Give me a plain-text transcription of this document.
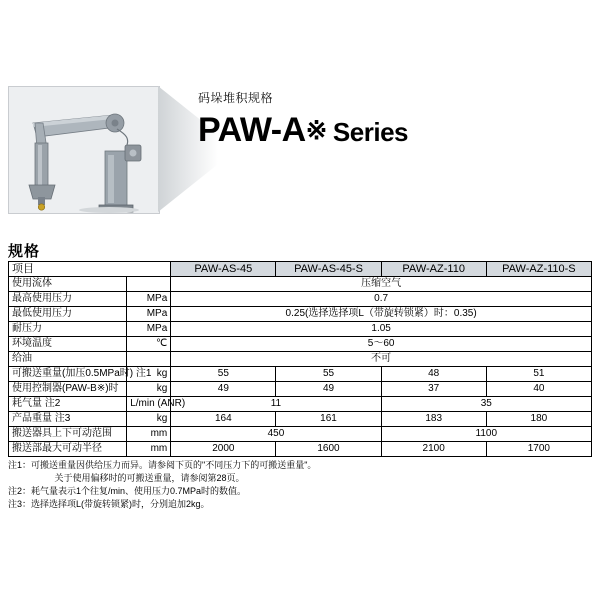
码垛堆积规格
PAW-A※ Series
规格
项目		PAW-AS-45	PAW-AS-45-S	PAW-AZ-110	PAW-AZ-110-S
使用流体		压缩空气			
最高使用压力	MPa	0.7			
最低使用压力	MPa	0.25(选择选择项L（带旋转锁紧）时：0.35)			
耐压力	MPa	1.05			
环境温度	℃	5～60			
给油		不可			
可搬送重量(加压0.5MPa时) 注1	kg	55	55	48	51
使用控制器(PAW-B※)时	kg	49	49	37	40
耗气量 注2	L/min (ANR)	11		35	
产品重量 注3	kg	164	161	183	180
搬送器具上下可动范围	mm	450		1100	
搬送部最大可动半径	mm	2000	1600	2100	1700
注1：可搬送重量因供给压力而异。请参阅下页的"不同压力下的可搬送重量"。
　　 关于使用偏移时的可搬送重量，请参阅第28页。
注2：耗气量表示1个往复/min、使用压力0.7MPa时的数值。
注3：选择选择项L(带旋转锁紧)时，分别追加2kg。
